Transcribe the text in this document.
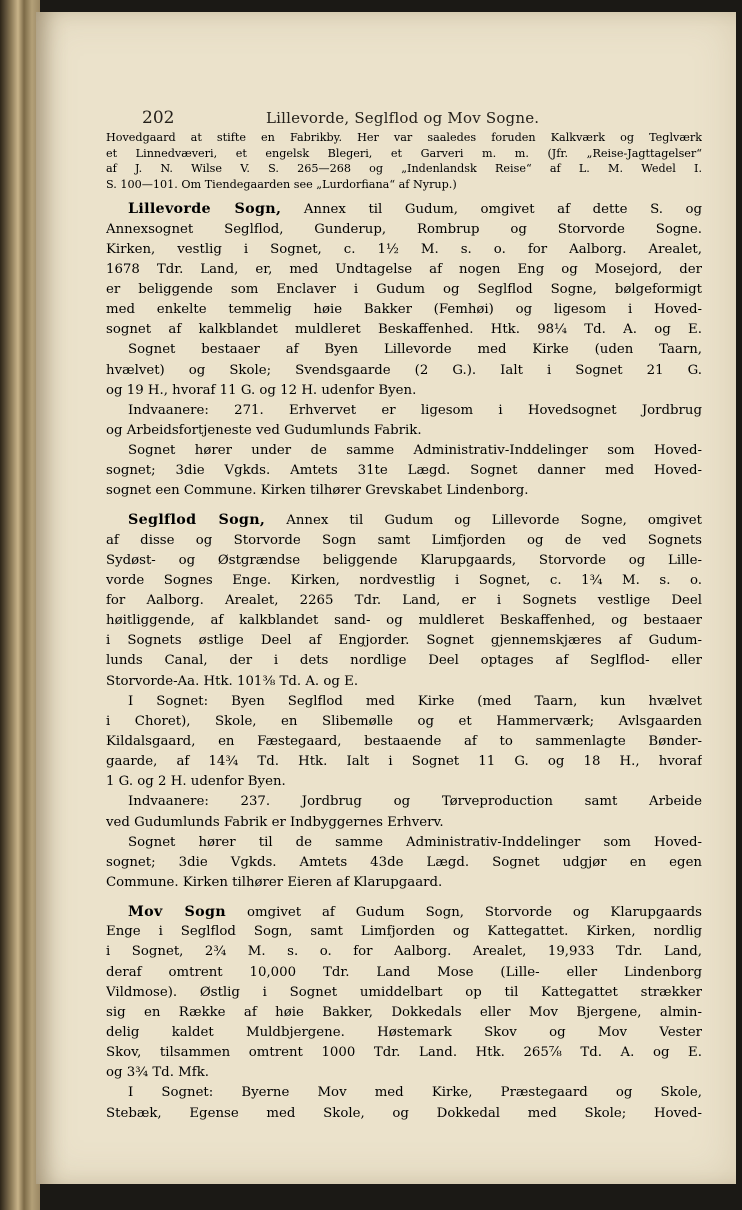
202	Lillevorde, Seglflod og Mov Sogne.
Hovedgaard at stifte en Fabrikby. Her var saaledes foruden Kalkværk og Teglværk
et Linnedvæveri, et engelsk Blegeri, et Garveri m. m. (Jfr. „Reise-Jagttagelser“
af J. N. Wilse V. S. 265—268 og „Indenlandsk Reise“ af L. M. Wedel I.
S. 100—101. Om Tiendegaarden see „Lurdorfiana“ af Nyrup.)
Lillevorde Sogn, Annex til Gudum, omgivet af dette S. og
Annexsognet Seglflod, Gunderup, Rombrup og Storvorde Sogne.
Kirken, vestlig i Sognet, c. 1½ M. s. o. for Aalborg. Arealet,
1678 Tdr. Land, er, med Undtagelse af nogen Eng og Mosejord, der
er beliggende som Enclaver i Gudum og Seglflod Sogne, bølgeformigt
med enkelte temmelig høie Bakker (Femhøi) og ligesom i Hoved-
sognet af kalkblandet muldleret Beskaffenhed. Htk. 98¼ Td. A. og E.
Sognet bestaaer af Byen Lillevorde med Kirke (uden Taarn,
hvælvet) og Skole; Svendsgaarde (2 G.). Ialt i Sognet 21 G.
og 19 H., hvoraf 11 G. og 12 H. udenfor Byen.
Indvaanere: 271. Erhvervet er ligesom i Hovedsognet Jordbrug
og Arbeidsfortjeneste ved Gudumlunds Fabrik.
Sognet hører under de samme Administrativ-Inddelinger som Hoved-
sognet; 3die Vgkds. Amtets 31te Lægd. Sognet danner med Hoved-
sognet een Commune. Kirken tilhører Grevskabet Lindenborg.
Seglflod Sogn, Annex til Gudum og Lillevorde Sogne, omgivet
af disse og Storvorde Sogn samt Limfjorden og de ved Sognets
Sydøst- og Østgrændse beliggende Klarupgaards, Storvorde og Lille-
vorde Sognes Enge. Kirken, nordvestlig i Sognet, c. 1¾ M. s. o.
for Aalborg. Arealet, 2265 Tdr. Land, er i Sognets vestlige Deel
høitliggende, af kalkblandet sand- og muldleret Beskaffenhed, og bestaaer
i Sognets østlige Deel af Engjorder. Sognet gjennemskjæres af Gudum-
lunds Canal, der i dets nordlige Deel optages af Seglflod- eller
Storvorde-Aa. Htk. 101⅜ Td. A. og E.
I Sognet: Byen Seglflod med Kirke (med Taarn, kun hvælvet
i Choret), Skole, en Slibemølle og et Hammerværk; Avlsgaarden
Kildalsgaard, en Fæstegaard, bestaaende af to sammenlagte Bønder-
gaarde, af 14¾ Td. Htk. Ialt i Sognet 11 G. og 18 H., hvoraf
1 G. og 2 H. udenfor Byen.
Indvaanere: 237. Jordbrug og Tørveproduction samt Arbeide
ved Gudumlunds Fabrik er Indbyggernes Erhverv.
Sognet hører til de samme Administrativ-Inddelinger som Hoved-
sognet; 3die Vgkds. Amtets 43de Lægd. Sognet udgjør en egen
Commune. Kirken tilhører Eieren af Klarupgaard.
Mov Sogn omgivet af Gudum Sogn, Storvorde og Klarupgaards
Enge i Seglflod Sogn, samt Limfjorden og Kattegattet. Kirken, nordlig
i Sognet, 2¾ M. s. o. for Aalborg. Arealet, 19,933 Tdr. Land,
deraf omtrent 10,000 Tdr. Land Mose (Lille- eller Lindenborg
Vildmose). Østlig i Sognet umiddelbart op til Kattegattet strækker
sig en Række af høie Bakker, Dokkedals eller Mov Bjergene, almin-
delig kaldet Muldbjergene. Høstemark Skov og Mov Vester
Skov, tilsammen omtrent 1000 Tdr. Land. Htk. 265⅞ Td. A. og E.
og 3¾ Td. Mfk.
I Sognet: Byerne Mov med Kirke, Præstegaard og Skole,
Stebæk, Egense med Skole, og Dokkedal med Skole; Hoved-
